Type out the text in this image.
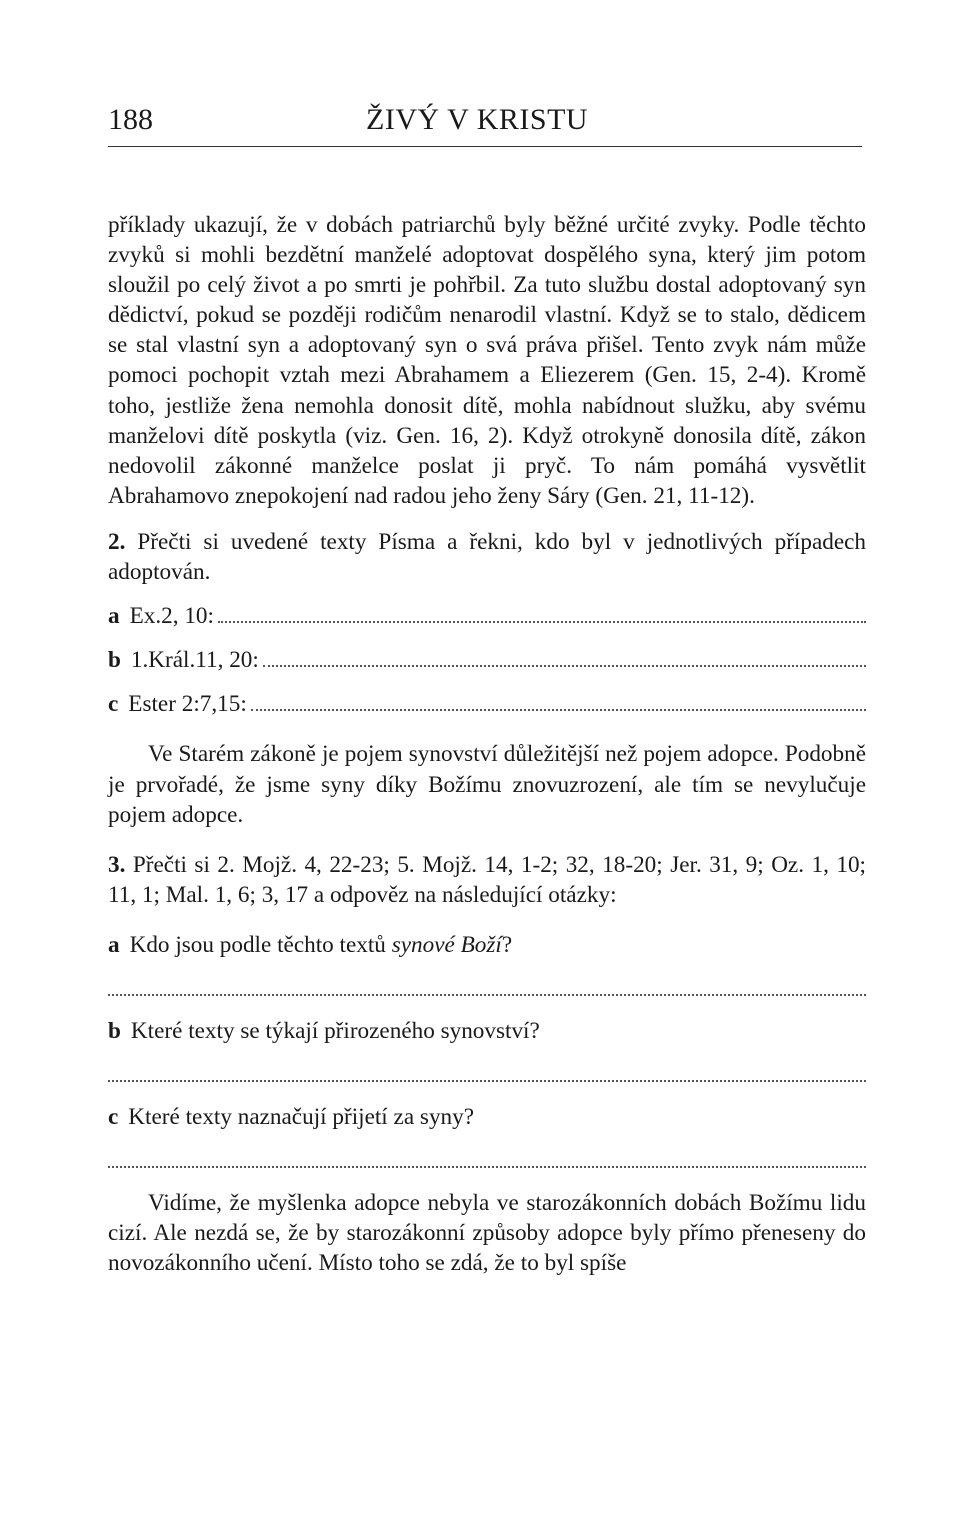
188	ŽIVÝ V KRISTU

příklady ukazují, že v dobách patriarchů byly běžné určité zvyky. Podle těchto zvyků si mohli bezdětní manželé adoptovat dospělého syna, který jim potom sloužil po celý život a po smrti je pohřbil. Za tuto službu dostal adoptovaný syn dědictví, pokud se později rodičům nenarodil vlastní. Když se to stalo, dědicem se stal vlastní syn a adoptovaný syn o svá práva přišel. Tento zvyk nám může pomoci pochopit vztah mezi Abrahamem a Eliezerem (Gen. 15, 2-4). Kromě toho, jestliže žena nemohla donosit dítě, mohla nabídnout služku, aby svému manželovi dítě poskytla (viz. Gen. 16, 2). Když otrokyně donosila dítě, zákon nedovolil zákonné manželce poslat ji pryč. To nám pomáhá vysvětlit Abrahamovo znepokojení nad radou jeho ženy Sáry (Gen. 21, 11-12).

2. Přečti si uvedené texty Písma a řekni, kdo byl v jednotlivých případech adoptován.

a Ex.2, 10:
b 1.Král.11, 20:
c Ester 2:7,15:

Ve Starém zákoně je pojem synovství důležitější než pojem adopce. Podobně je prvořadé, že jsme syny díky Božímu znovuzrození, ale tím se nevylučuje pojem adopce.

3. Přečti si 2. Mojž. 4, 22-23; 5. Mojž. 14, 1-2; 32, 18-20; Jer. 31, 9; Oz. 1, 10; 11, 1; Mal. 1, 6; 3, 17 a odpověz na následující otázky:

a Kdo jsou podle těchto textů synové Boží?
b Které texty se týkají přirozeného synovství?
c Které texty naznačují přijetí za syny?

Vidíme, že myšlenka adopce nebyla ve starozákonních dobách Božímu lidu cizí. Ale nezdá se, že by starozákonní způsoby adopce byly přímo přeneseny do novozákonního učení. Místo toho se zdá, že to byl spíše
